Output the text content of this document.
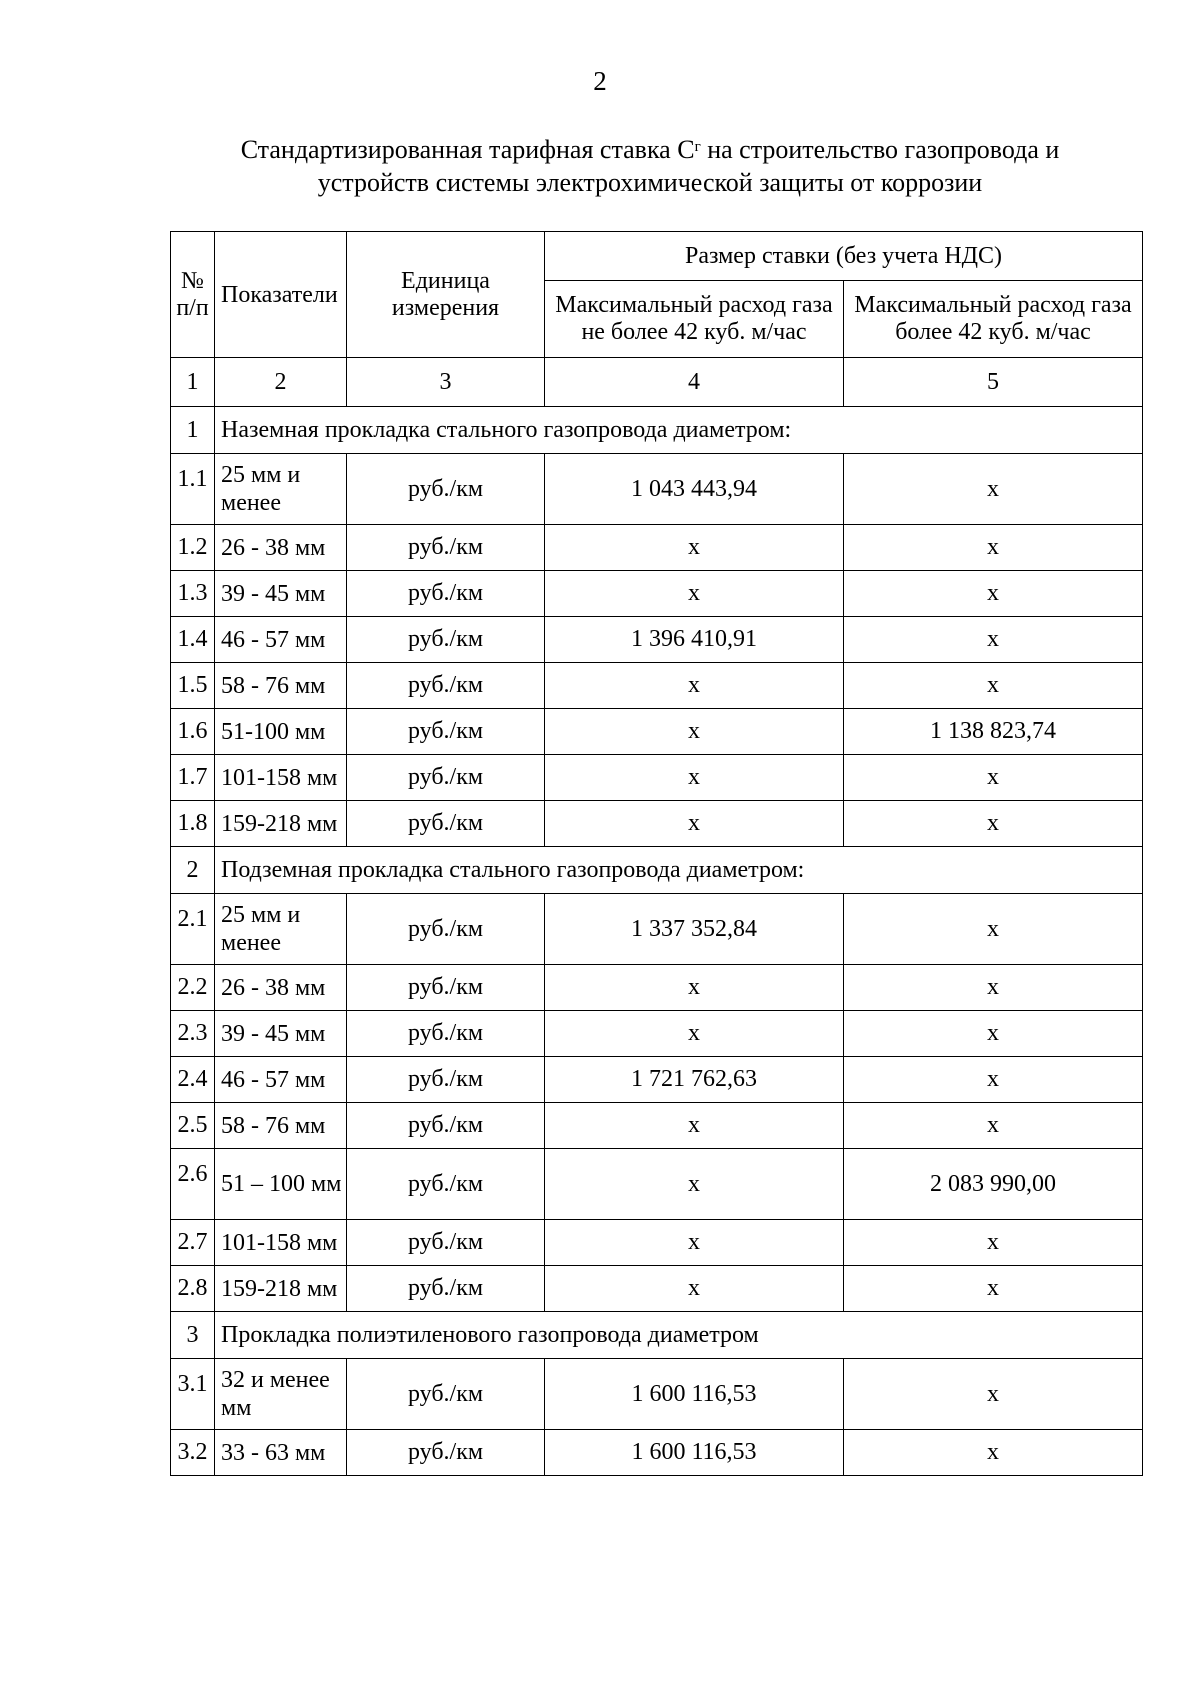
2
Стандартизированная тарифная ставка $С^г$ на строительство газопровода и
устройств системы электрохимической защиты от коррозии
№ п/п	Показатели	Единица измерения	Размер ставки (без учета НДС)	
			Максимальный расход газа не более 42 куб. м/час	Максимальный расход газа более 42 куб. м/час
1	2	3	4	5
1	Наземная прокладка стального газопровода диаметром:			
1.1	25 мм и менее	руб./км	1 043 443,94	х
1.2	26 - 38 мм	руб./км	х	х
1.3	39 - 45 мм	руб./км	х	х
1.4	46 - 57 мм	руб./км	1 396 410,91	х
1.5	58 - 76 мм	руб./км	х	х
1.6	51-100 мм	руб./км	х	1 138 823,74
1.7	101-158 мм	руб./км	х	х
1.8	159-218 мм	руб./км	х	х
2	Подземная прокладка стального газопровода диаметром:			
2.1	25 мм и менее	руб./км	1 337 352,84	х
2.2	26 - 38 мм	руб./км	х	х
2.3	39 - 45 мм	руб./км	х	х
2.4	46 - 57 мм	руб./км	1 721 762,63	х
2.5	58 - 76 мм	руб./км	х	х
2.6	51 – 100 мм	руб./км	х	2 083 990,00
2.7	101-158 мм	руб./км	х	х
2.8	159-218 мм	руб./км	х	х
3	Прокладка полиэтиленового газопровода диаметром			
3.1	32 и менее мм	руб./км	1 600 116,53	х
3.2	33 - 63 мм	руб./км	1 600 116,53	х
